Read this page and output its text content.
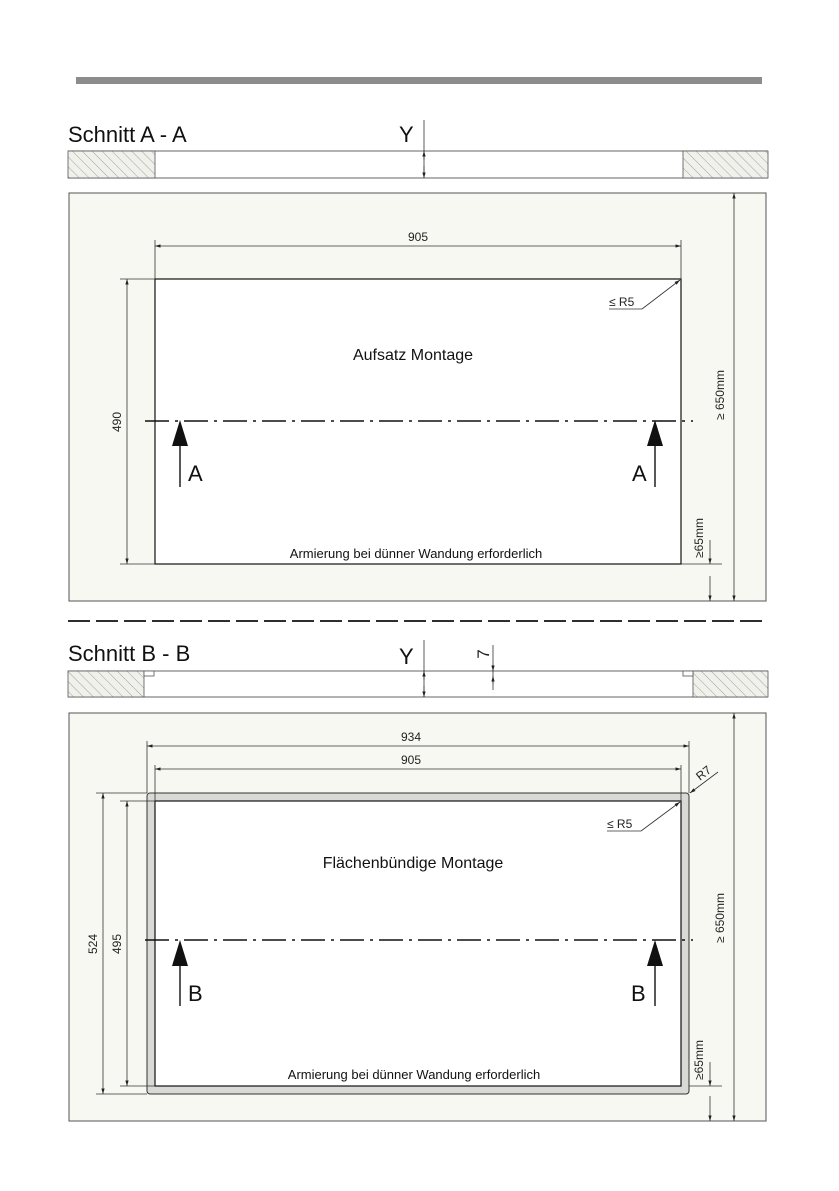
Schnitt A - A	Y
905
490
≤ R5
Aufsatz Montage
A	A
≥ 650mm
≥65mm
Armierung bei dünner Wandung erforderlich
Schnitt B - B	Y	7
934
905
524 495
R7
≤ R5
Flächenbündige Montage
B	B
≥ 650mm
≥65mm
Armierung bei dünner Wandung erforderlich
